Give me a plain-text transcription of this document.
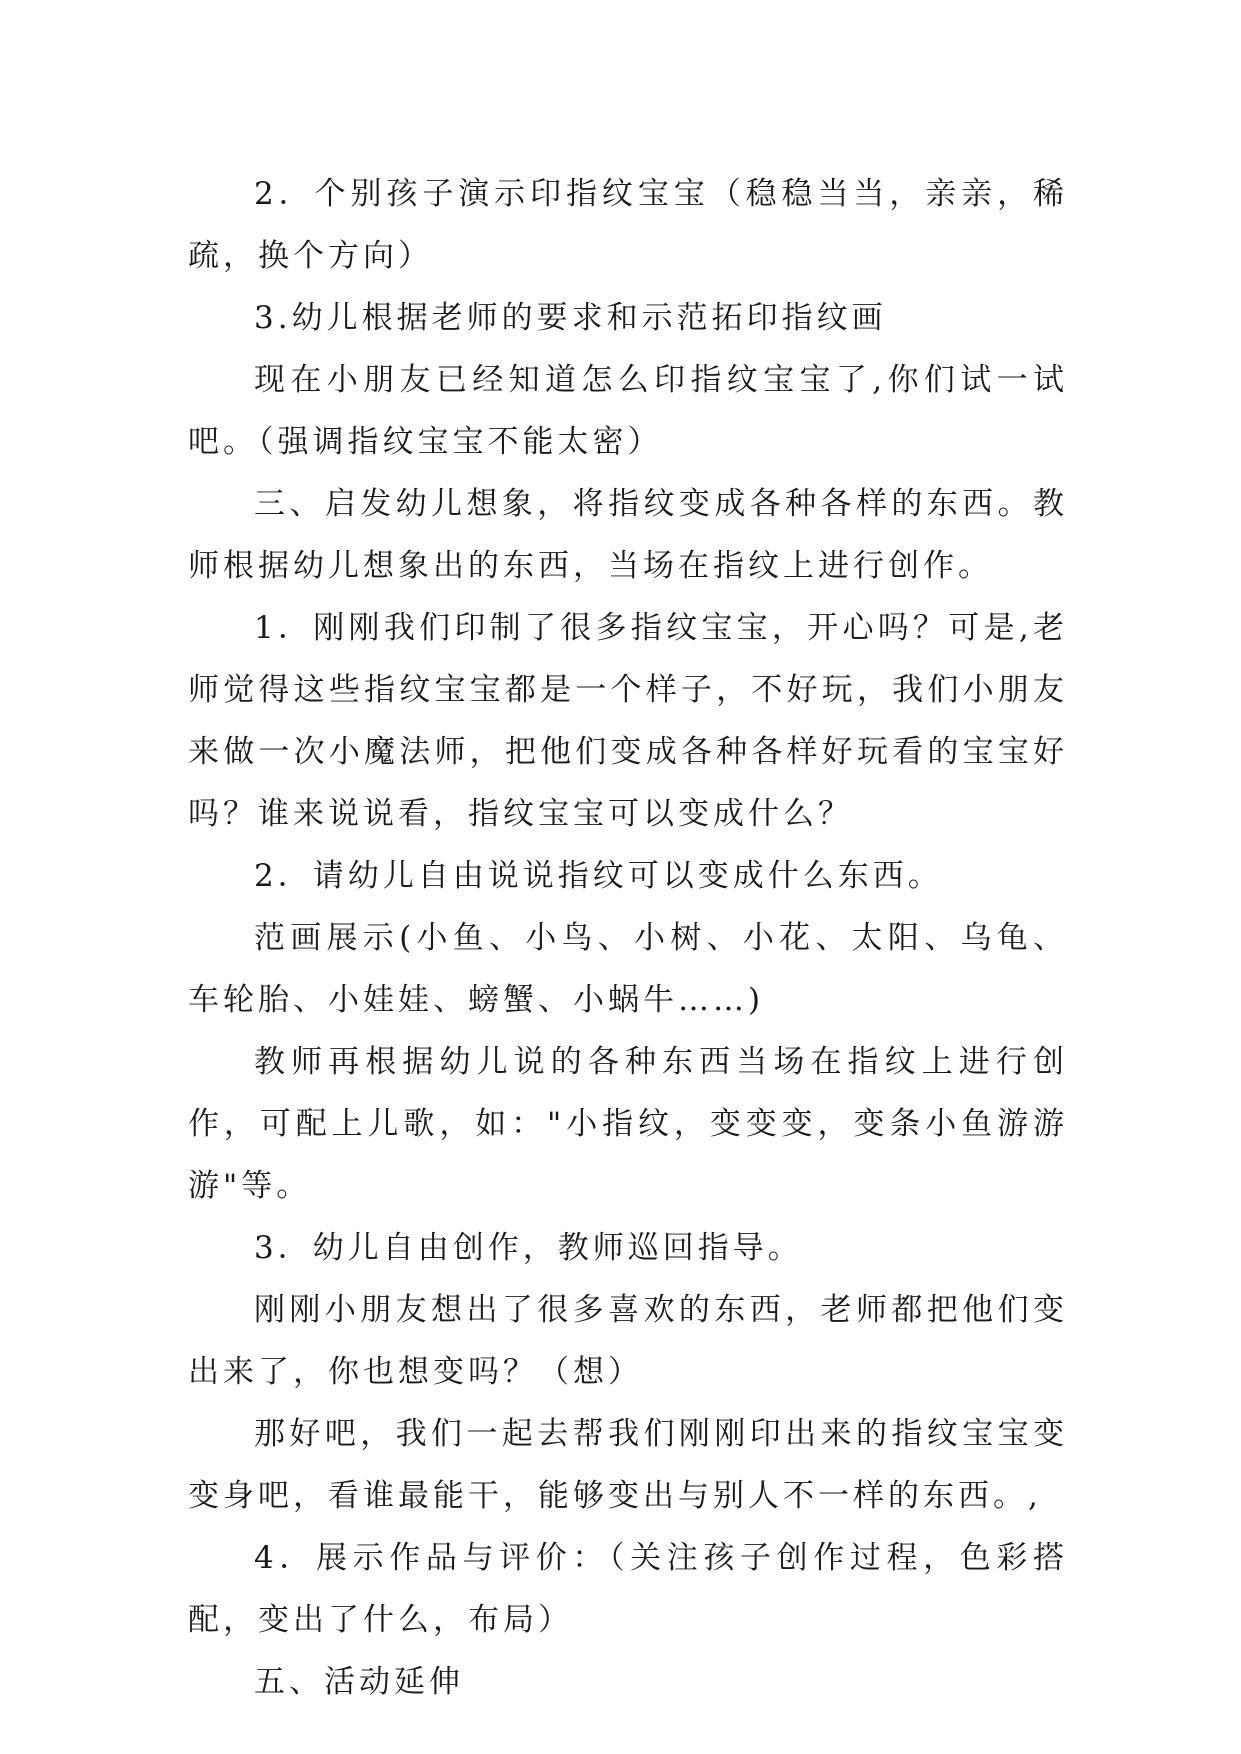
2．个别孩子演示印指纹宝宝（稳稳当当，亲亲，稀疏，换个方向）

3.幼儿根据老师的要求和示范拓印指纹画

现在小朋友已经知道怎么印指纹宝宝了,你们试一试吧。（强调指纹宝宝不能太密）

三、启发幼儿想象，将指纹变成各种各样的东西。教师根据幼儿想象出的东西，当场在指纹上进行创作。

1．刚刚我们印制了很多指纹宝宝，开心吗？可是,老师觉得这些指纹宝宝都是一个样子，不好玩，我们小朋友来做一次小魔法师，把他们变成各种各样好玩看的宝宝好吗？谁来说说看，指纹宝宝可以变成什么？

2．请幼儿自由说说指纹可以变成什么东西。

范画展示(小鱼、小鸟、小树、小花、太阳、乌龟、车轮胎、小娃娃、螃蟹、小蜗牛……)

教师再根据幼儿说的各种东西当场在指纹上进行创作，可配上儿歌，如："小指纹，变变变，变条小鱼游游游"等。

3．幼儿自由创作，教师巡回指导。

刚刚小朋友想出了很多喜欢的东西，老师都把他们变出来了，你也想变吗？（想）

那好吧，我们一起去帮我们刚刚印出来的指纹宝宝变变身吧，看谁最能干，能够变出与别人不一样的东西。,

4．展示作品与评价：（关注孩子创作过程，色彩搭配，变出了什么，布局）

五、活动延伸
